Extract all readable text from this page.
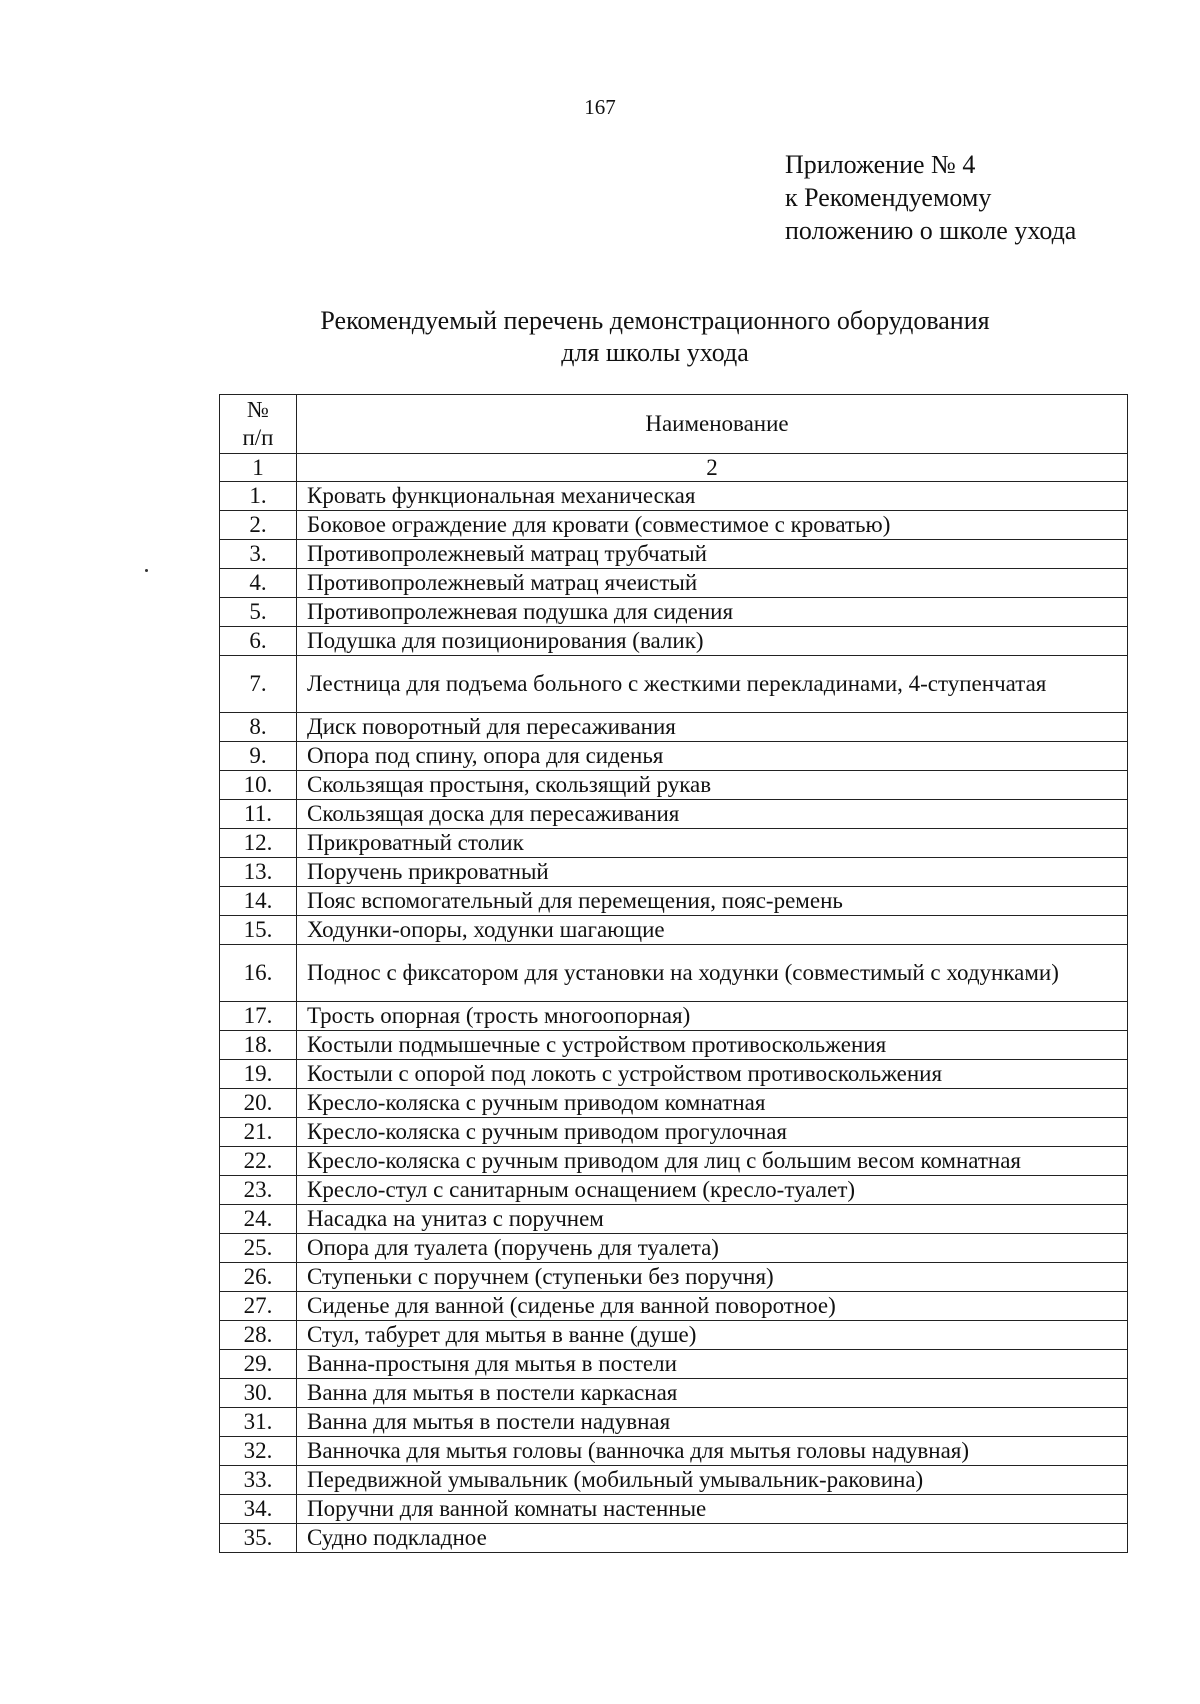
167
Приложение № 4
к Рекомендуемому
положению о школе ухода
Рекомендуемый перечень демонстрационного оборудования
для школы ухода
№
п/п	Наименование
1	2
1.	Кровать функциональная механическая
2.	Боковое ограждение для кровати (совместимое с кроватью)
3.	Противопролежневый матрац трубчатый
4.	Противопролежневый матрац ячеистый
5.	Противопролежневая подушка для сидения
6.	Подушка для позиционирования (валик)
7.	Лестница для подъема больного с жесткими перекладинами, 4-ступенчатая
8.	Диск поворотный для пересаживания
9.	Опора под спину, опора для сиденья
10.	Скользящая простыня, скользящий рукав
11.	Скользящая доска для пересаживания
12.	Прикроватный столик
13.	Поручень прикроватный
14.	Пояс вспомогательный для перемещения, пояс-ремень
15.	Ходунки-опоры, ходунки шагающие
16.	Поднос с фиксатором для установки на ходунки (совместимый с ходунками)
17.	Трость опорная (трость многоопорная)
18.	Костыли подмышечные с устройством противоскольжения
19.	Костыли с опорой под локоть с устройством противоскольжения
20.	Кресло-коляска с ручным приводом комнатная
21.	Кресло-коляска с ручным приводом прогулочная
22.	Кресло-коляска с ручным приводом для лиц с большим весом комнатная
23.	Кресло-стул с санитарным оснащением (кресло-туалет)
24.	Насадка на унитаз с поручнем
25.	Опора для туалета (поручень для туалета)
26.	Ступеньки с поручнем (ступеньки без поручня)
27.	Сиденье для ванной (сиденье для ванной поворотное)
28.	Стул, табурет для мытья в ванне (душе)
29.	Ванна-простыня для мытья в постели
30.	Ванна для мытья в постели каркасная
31.	Ванна для мытья в постели надувная
32.	Ванночка для мытья головы (ванночка для мытья головы надувная)
33.	Передвижной умывальник (мобильный умывальник-раковина)
34.	Поручни для ванной комнаты настенные
35.	Судно подкладное
